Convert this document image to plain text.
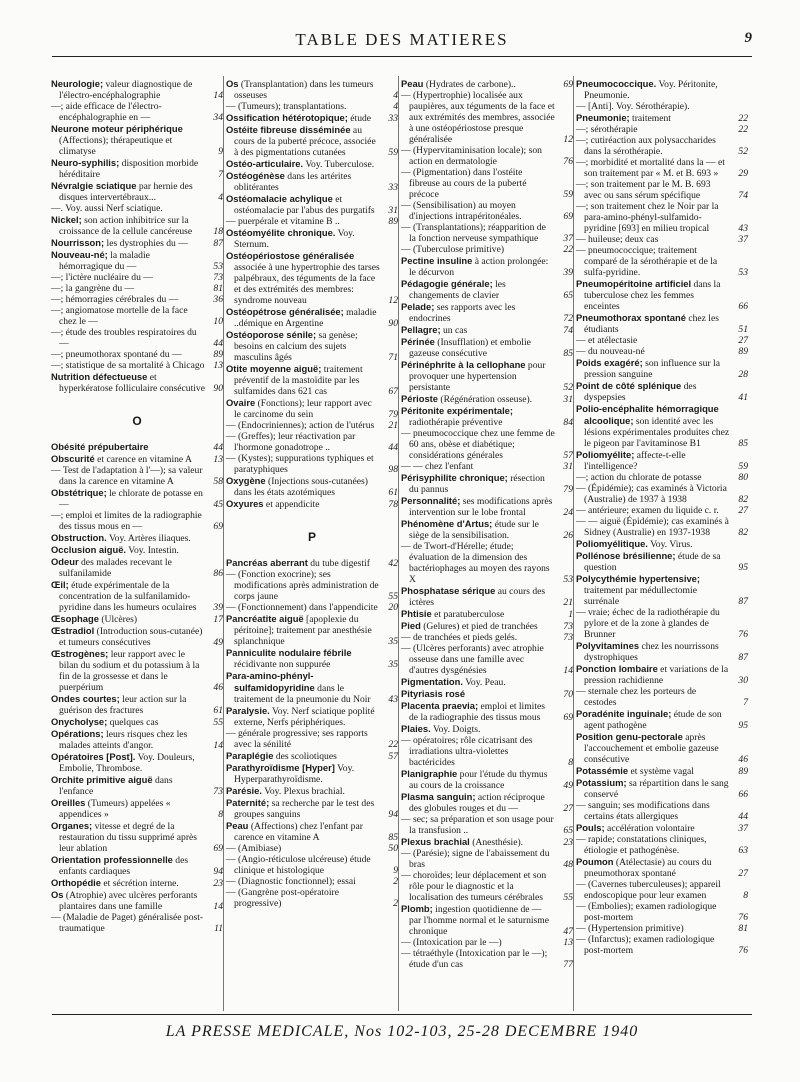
TABLE DES MATIERES	9
Neurologie; valeur diagnostique de l'électro-encéphalographie	14
—; aide efficace de l'électro-encéphalographie en —	34
Neurone moteur périphérique (Affections); thérapeutique et climatyse	9
Neuro-syphilis; disposition morbide héréditaire	7
Névralgie sciatique par hernie des disques intervertébraux...	4
—. Voy. aussi Nerf sciatique.
Nickel; son action inhibitrice sur la croissance de la cellule cancéreuse 18
Nourrisson; les dystrophies du —	87
Nouveau-né; la maladie hémorragique du —	53
—; l'ictère nucléaire du —	73
—; la gangrène du —	81
—; hémorragies cérébrales du —	36
—; angiomatose mortelle de la face chez le —	10
—; étude des troubles respiratoires du —	44
—; pneumothorax spontané du —	89
—; statistique de sa mortalité à Chicago 13
Nutrition défectueuse et hyperkératose folliculaire consécutive 90
O
Obésité prépubertaire	44
Obscurité et carence en vitamine A 13
— Test de l'adaptation à l'—); sa valeur dans la carence en vitamine A	58
Obstétrique; le chlorate de potasse en —	45
—; emploi et limites de la radiographie des tissus mous en —	69
Obstruction. Voy. Artères iliaques.
Occlusion aiguë. Voy. Intestin.
Odeur des malades recevant le sulfanilamide	86
Œil; étude expérimentale de la concentration de la sulfanilamido-pyridine dans les humeurs oculaires 39
Œsophage (Ulcères)	17
Œstradiol (Introduction sous-cutanée) et tumeurs consécutives	49
Œstrogènes; leur rapport avec le bilan du sodium et du potassium à la fin de la grossesse et dans le puerpérium	46
Ondes courtes; leur action sur la guérison des fractures	61
Onycholyse; quelques cas	55
Opérations; leurs risques chez les malades atteints d'angor.	14
Opératoires [Post]. Voy. Douleurs, Embolie, Thrombose.
Orchite primitive aiguë dans l'enfance	73
Oreilles (Tumeurs) appelées « appendices »	8
Organes; vitesse et degré de la restauration du tissu supprimé après leur ablation	69
Orientation professionnelle des enfants cardiaques	94
Orthopédie et sécrétion interne.	23
Os (Atrophie) avec ulcères perforants plantaires dans une famille	14
— (Maladie de Paget) généralisée post-traumatique	11
Os (Transplantation) dans les tumeurs osseuses	4
— (Tumeurs); transplantations.	4
Ossification hétérotopique; étude 33
Ostéite fibreuse disséminée au cours de la puberté précoce, associée à des pigmentations cutanées	59
Ostéo-articulaire. Voy. Tuberculose.
Ostéogénèse dans les artérites oblitérantes	33
Ostéomalacie achylique et ostéomalacie par l'abus des purgatifs 31
— puerpérale et vitamine B ..	89
Ostéomyélite chronique. Voy. Sternum.
Ostéopériostose généralisée associée à une hypertrophie des tarses palpébraux, des téguments de la face et des extrémités des membres: syndrome nouveau	12
Ostéopétrose généralisée; maladie ..démique en Argentine	90
Ostéoporose sénile; sa genèse; besoins en calcium des sujets masculins âgés	71
Otite moyenne aiguë; traitement préventif de la mastoïdite par les sulfamides dans 621 cas	67
Ovaire (Fonctions); leur rapport avec le carcinome du sein	79
— (Endocriniennes); action de l'utérus 21
— (Greffes); leur réactivation par l'hormone gonadotrope ..	44
— (Kystes); suppurations typhiques et paratyphiques	98
Oxygène (Injections sous-cutanées) dans les états azotémiques	61
Oxyures et appendicite	78
P
Pancréas aberrant du tube digestif 42
— (Fonction exocrine); ses modifications après administration de corps jaune	55
— (Fonctionnement) dans l'appendicite 20
Pancréatite aiguë [apoplexie du péritoine]; traitement par anesthésie splanchnique	35
Panniculite nodulaire fébrile récidivante non suppurée	35
Para-amino-phényl-sulfamidopyridine dans le traitement de la pneumonie du Noir 43
Paralysie. Voy. Nerf sciatique poplité externe, Nerfs périphériques.
— générale progressive; ses rapports avec la sénilité	22
Paraplégie des scoliotiques	57
Parathyroïdisme [Hyper] Voy. Hyperparathyroïdisme.
Parésie. Voy. Plexus brachial.
Paternité; sa recherche par le test des groupes sanguins	94
Peau (Affections) chez l'enfant par carence en vitamine A	85
— (Amibiase)	50
— (Angio-réticulose ulcéreuse) étude clinique et histologique	9
— (Diagnostic fonctionnel); essai	2
— (Gangrène post-opératoire progressive)	2
Peau (Hydrates de carbone)..	69
— (Hypertrophie) localisée aux paupières, aux téguments de la face et aux extrémités des membres, associée à une ostéopériostose presque généralisée	12
— (Hypervitaminisation locale); son action en dermatologie	76
— (Pigmentation) dans l'ostéite fibreuse au cours de la puberté précoce	59
— (Sensibilisation) au moyen d'injections intrapéritonéales.	69
— (Transplantations); réapparition de la fonction nerveuse sympathique	37
— (Tuberculose primitive)	22
Pectine insuline à action prolongée: le décurvon	39
Pédagogie générale; les changements de clavier	65
Pelade; ses rapports avec les endocrines	72
Pellagre; un cas	74
Périnée (Insufflation) et embolie gazeuse consécutive	85
Périnéphrite à la cellophane pour provoquer une hypertension persistante	52
Périoste (Régénération osseuse).	31
Péritonite expérimentale; radiothérapie préventive	84
— pneumococcique chez une femme de 60 ans, obèse et diabétique; considérations générales	57
— — chez l'enfant	31
Périsyphilite chronique; résection du pannus	79
Personnalité; ses modifications après intervention sur le lobe frontal	24
Phénomène d'Artus; étude sur le siège de la sensibilisation.	26
— de Twort-d'Hérelle; étude; évaluation de la dimension des bactériophages au moyen des rayons X	53
Phosphatase sérique au cours des ictères	21
Phtisie et paratuberculose	1
Pied (Gelures) et pied de tranchées	73
— de tranchées et pieds gelés.	73
— (Ulcères perforants) avec atrophie osseuse dans une famille avec d'autres dysgénésies	14
Pigmentation. Voy. Peau.
Pityriasis rosé	70
Placenta praevia; emploi et limites de la radiographie des tissus mous 69
Plaies. Voy. Doigts.
— opératoires; rôle cicatrisant des irradiations ultra-violettes bactéricides	8
Planigraphie pour l'étude du thymus au cours de la croissance	49
Plasma sanguin; action réciproque des globules rouges et du —	27
— sec; sa préparation et son usage pour la transfusion ..	65
Plexus brachial (Anesthésie).	23
— (Parésie); signe de l'abaissement du bras	48
— choroïdes; leur déplacement et son rôle pour le diagnostic et la localisation des tumeurs cérébrales 55
Plomb; ingestion quotidienne de — par l'homme normal et le saturnisme chronique	47
— (Intoxication par le —)	13
— tétraéthyle (Intoxication par le —); étude d'un cas	77
Pneumococcique. Voy. Péritonite, Pneumonie.
— [Anti]. Voy. Sérothérapie).
Pneumonie; traitement	22
—; sérothérapie	22
—; cutiréaction aux polysaccharides dans la sérothérapie.	52
—; morbidité et mortalité dans la — et son traitement par « M. et B. 693 » 29
—; son traitement par le M. B. 693 avec ou sans sérum spécifique	74
—; son traitement chez le Noir par la para-amino-phényl-sulfamido-pyridine [693] en milieu tropical	43
— huileuse; deux cas	37
— pneumococcique; traitement comparé de la sérothérapie et de la sulfa-pyridine.	53
Pneumopéritoine artificiel dans la tuberculose chez les femmes enceintes	66
Pneumothorax spontané chez les étudiants	51
— et atélectasie	27
— du nouveau-né	89
Poids exagéré; son influence sur la pression sanguine	28
Point de côté splénique des dyspepsies	41
Polio-encéphalite hémorragique alcoolique; son identité avec les lésions expérimentales produites chez le pigeon par l'avitaminose B1	85
Poliomyélite; affecte-t-elle l'intelligence?	59
—; action du chlorate de potasse	80
— (Épidémie); cas examinés à Victoria (Australie) de 1937 à 1938	82
— antérieure; examen du liquide c. r. 27
— — aiguë (Épidémie); cas examinés à Sidney (Australie) en 1937-1938	82
Poliomyélitique. Voy. Virus.
Pollénose brésilienne; étude de sa question	95
Polycythémie hypertensive; traitement par médullectomie surrénale	87
— vraie; échec de la radiothérapie du pylore et de la zone à glandes de Brunner	76
Polyvitamines chez les nourrissons dystrophiques	87
Ponction lombaire et variations de la pression rachidienne	30
— sternale chez les porteurs de cestodes	7
Poradénite inguinale; étude de son agent pathogène	95
Position genu-pectorale après l'accouchement et embolie gazeuse consécutive	46
Potassémie et système vagal	89
Potassium; sa répartition dans le sang conservé	66
— sanguin; ses modifications dans certains états allergiques	44
Pouls; accélération volontaire	37
— rapide; constatations cliniques, étiologie et pathogénèse.	63
Poumon (Atélectasie) au cours du pneumothorax spontané	27
— (Cavernes tuberculeuses); appareil endoscopique pour leur examen	8
— (Embolies); examen radiologique post-mortem	76
— (Hypertension primitive)	81
— (Infarctus); examen radiologique post-mortem	76
LA PRESSE MEDICALE, Nos 102-103, 25-28 DECEMBRE 1940
